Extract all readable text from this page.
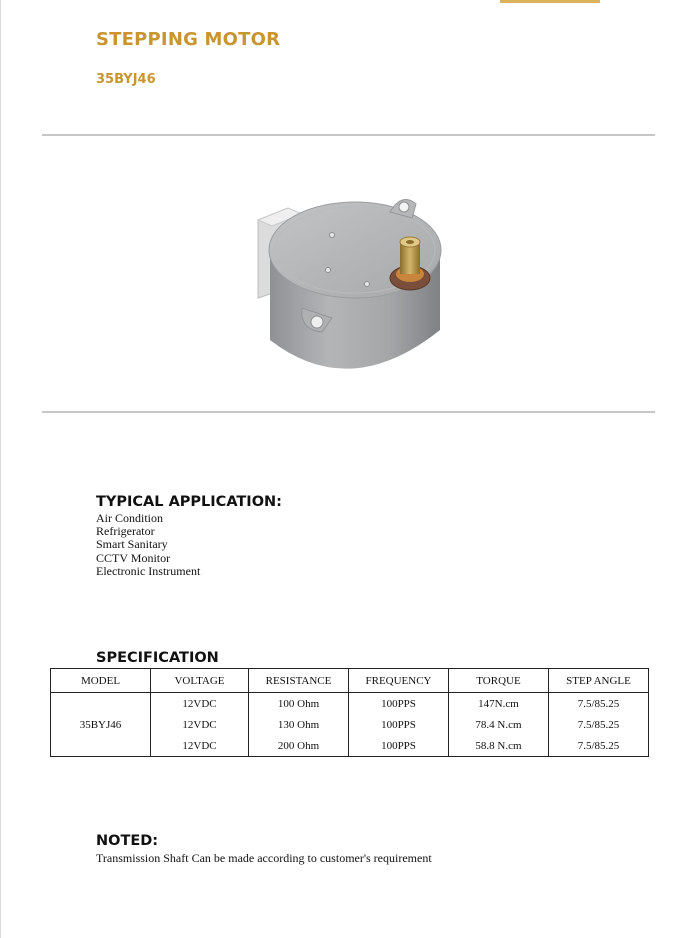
STEPPING MOTOR
35BYJ46
TYPICAL APPLICATION:
Air Condition
Refrigerator
Smart Sanitary
CCTV Monitor
Electronic Instrument
SPECIFICATION
MODEL	VOLTAGE	RESISTANCE	FREQUENCY	TORQUE	STEP ANGLE
35BYJ46	12VDC	100 Ohm	100PPS	147N.cm	7.5/85.25
	12VDC	130 Ohm	100PPS	78.4 N.cm	7.5/85.25
	12VDC	200 Ohm	100PPS	58.8 N.cm	7.5/85.25
NOTED:
Transmission Shaft Can be made according to customer's requirement
